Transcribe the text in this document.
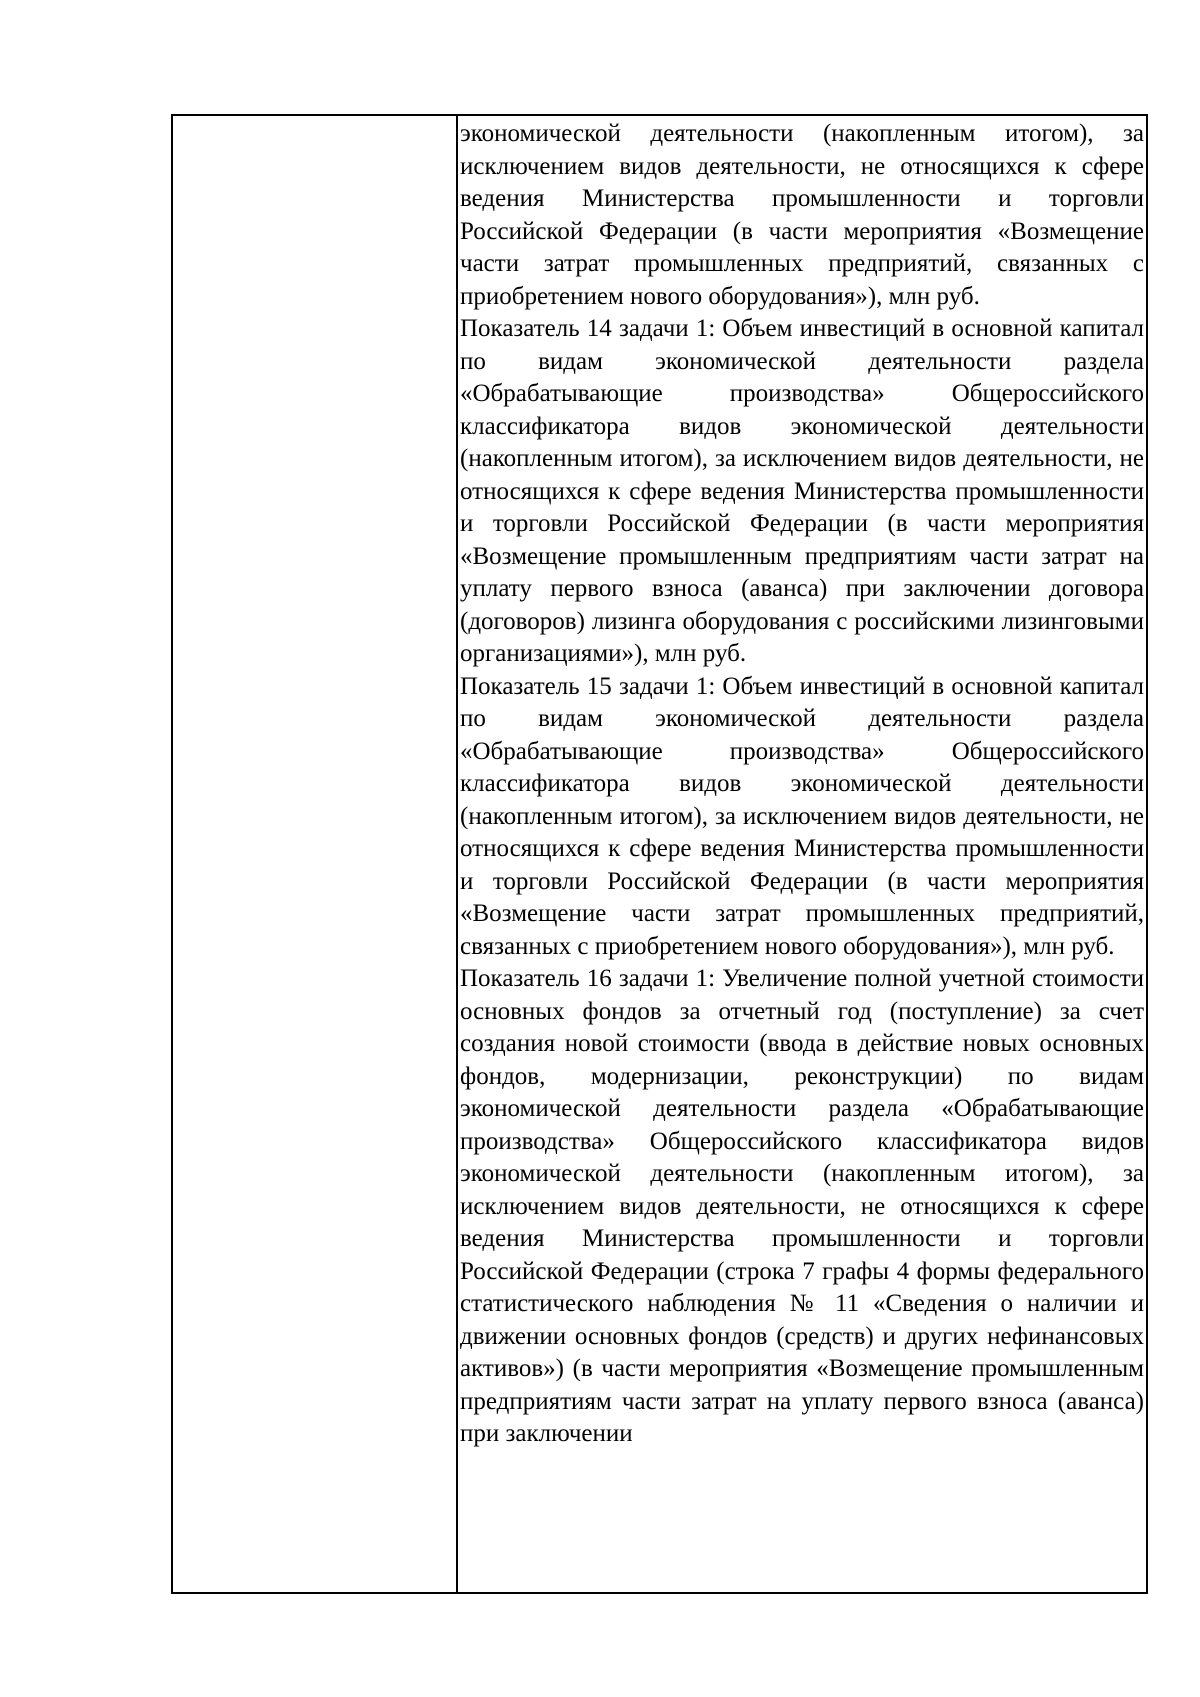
экономической деятельности (накопленным итогом), за исключением видов деятельности, не относящихся к сфере ведения Министерства промышленности и торговли Российской Федерации (в части мероприятия «Возмещение части затрат промышленных предприятий, связанных с приобретением нового оборудования»), млн руб.

Показатель 14 задачи 1: Объем инвестиций в основной капитал по видам экономической деятельности раздела «Обрабатывающие производства» Общероссийского классификатора видов экономической деятельности (накопленным итогом), за исключением видов деятельности, не относящихся к сфере ведения Министерства промышленности и торговли Российской Федерации (в части мероприятия «Возмещение промышленным предприятиям части затрат на уплату первого взноса (аванса) при заключении договора (договоров) лизинга оборудования с российскими лизинговыми организациями»), млн руб.

Показатель 15 задачи 1: Объем инвестиций в основной капитал по видам экономической деятельности раздела «Обрабатывающие производства» Общероссийского классификатора видов экономической деятельности (накопленным итогом), за исключением видов деятельности, не относящихся к сфере ведения Министерства промышленности и торговли Российской Федерации (в части мероприятия «Возмещение части затрат промышленных предприятий, связанных с приобретением нового оборудования»), млн руб.

Показатель 16 задачи 1: Увеличение полной учетной стоимости основных фондов за отчетный год (поступление) за счет создания новой стоимости (ввода в действие новых основных фондов, модернизации, реконструкции) по видам экономической деятельности раздела «Обрабатывающие производства» Общероссийского классификатора видов экономической деятельности (накопленным итогом), за исключением видов деятельности, не относящихся к сфере ведения Министерства промышленности и торговли Российской Федерации (строка 7 графы 4 формы федерального статистического наблюдения № 11 «Сведения о наличии и движении основных фондов (средств) и других нефинансовых активов») (в части мероприятия «Возмещение промышленным предприятиям части затрат на уплату первого взноса (аванса) при заключении
